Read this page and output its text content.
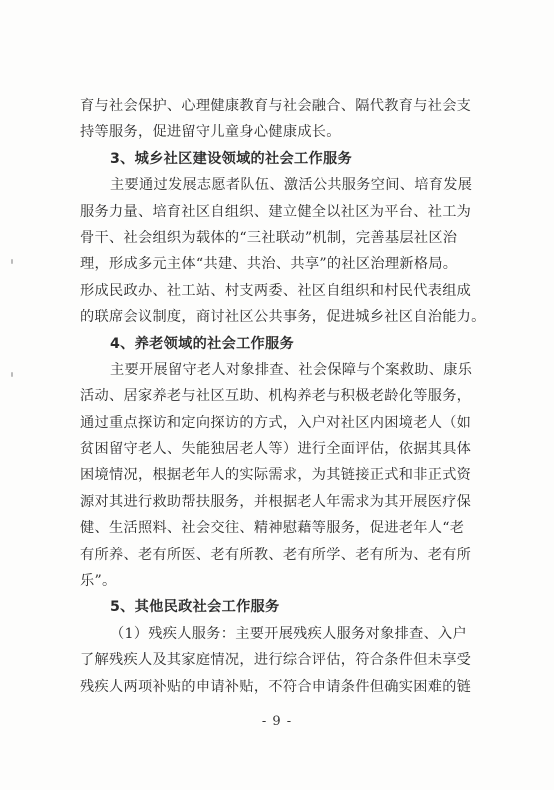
育与社会保护、心理健康教育与社会融合、隔代教育与社会支
持等服务，促进留守儿童身心健康成长。
3、城乡社区建设领域的社会工作服务
主要通过发展志愿者队伍、激活公共服务空间、培育发展
服务力量、培育社区自组织、建立健全以社区为平台、社工为
骨干、社会组织为载体的“三社联动”机制，完善基层社区治
理，形成多元主体“共建、共治、共享”的社区治理新格局。
形成民政办、社工站、村支两委、社区自组织和村民代表组成
的联席会议制度，商讨社区公共事务，促进城乡社区自治能力。
4、养老领域的社会工作服务
主要开展留守老人对象排查、社会保障与个案救助、康乐
活动、居家养老与社区互助、机构养老与积极老龄化等服务，
通过重点探访和定向探访的方式，入户对社区内困境老人（如
贫困留守老人、失能独居老人等）进行全面评估，依据其具体
困境情况，根据老年人的实际需求，为其链接正式和非正式资
源对其进行救助帮扶服务，并根据老人年需求为其开展医疗保
健、生活照料、社会交往、精神慰藉等服务，促进老年人“老
有所养、老有所医、老有所教、老有所学、老有所为、老有所
乐”。
5、其他民政社会工作服务
（1）残疾人服务：主要开展残疾人服务对象排查、入户
了解残疾人及其家庭情况，进行综合评估，符合条件但未享受
残疾人两项补贴的申请补贴，不符合申请条件但确实困难的链
- 9 -
